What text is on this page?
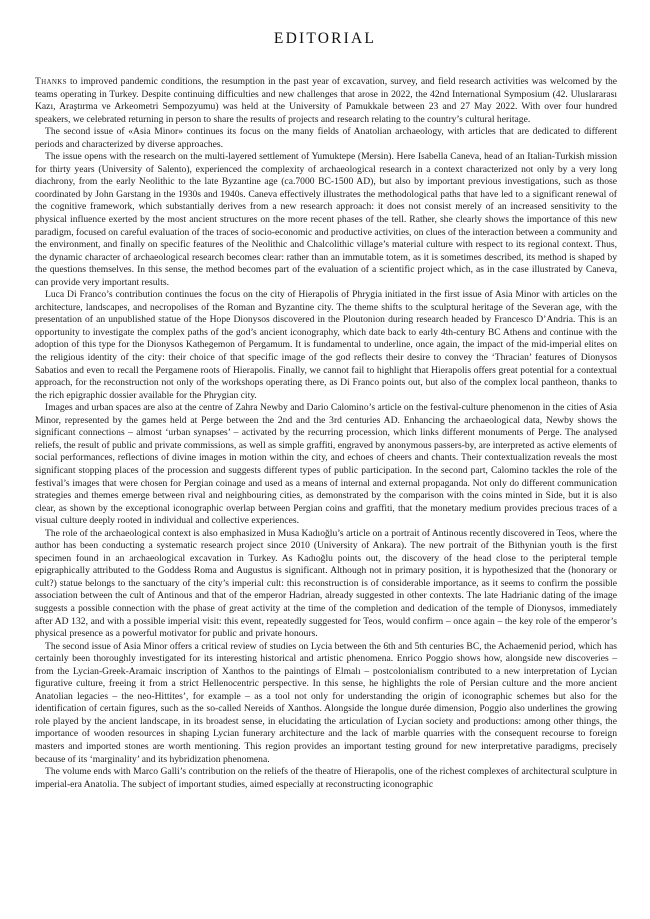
EDITORIAL

Thanks to improved pandemic conditions, the resumption in the past year of excavation, survey, and field research activities was welcomed by the teams operating in Turkey. Despite continuing difficulties and new challenges that arose in 2022, the 42nd International Symposium (42. Uluslararası Kazı, Araştırma ve Arkeometri Sempozyumu) was held at the University of Pamukkale between 23 and 27 May 2022. With over four hundred speakers, we celebrated returning in person to share the results of projects and research relating to the country’s cultural heritage.

The second issue of «Asia Minor» continues its focus on the many fields of Anatolian archaeology, with articles that are dedicated to different periods and characterized by diverse approaches.

The issue opens with the research on the multi-layered settlement of Yumuktepe (Mersin). Here Isabella Caneva, head of an Italian-Turkish mission for thirty years (University of Salento), experienced the complexity of archaeological research in a context characterized not only by a very long diachrony, from the early Neolithic to the late Byzantine age (ca.7000 BC-1500 AD), but also by important previous investigations, such as those coordinated by John Garstang in the 1930s and 1940s. Caneva effectively illustrates the methodological paths that have led to a significant renewal of the cognitive framework, which substantially derives from a new research approach: it does not consist merely of an increased sensitivity to the physical influence exerted by the most ancient structures on the more recent phases of the tell. Rather, she clearly shows the importance of this new paradigm, focused on careful evaluation of the traces of socio-economic and productive activities, on clues of the interaction between a community and the environment, and finally on specific features of the Neolithic and Chalcolithic village’s material culture with respect to its regional context. Thus, the dynamic character of archaeological research becomes clear: rather than an immutable totem, as it is sometimes described, its method is shaped by the questions themselves. In this sense, the method becomes part of the evaluation of a scientific project which, as in the case illustrated by Caneva, can provide very important results.

Luca Di Franco’s contribution continues the focus on the city of Hierapolis of Phrygia initiated in the first issue of Asia Minor with articles on the architecture, landscapes, and necropolises of the Roman and Byzantine city. The theme shifts to the sculptural heritage of the Severan age, with the presentation of an unpublished statue of the Hope Dionysos discovered in the Ploutonion during research headed by Francesco D’Andria. This is an opportunity to investigate the complex paths of the god’s ancient iconography, which date back to early 4th-century BC Athens and continue with the adoption of this type for the Dionysos Kathegemon of Pergamum. It is fundamental to underline, once again, the impact of the mid-imperial elites on the religious identity of the city: their choice of that specific image of the god reflects their desire to convey the ‘Thracian’ features of Dionysos Sabatios and even to recall the Pergamene roots of Hierapolis. Finally, we cannot fail to highlight that Hierapolis offers great potential for a contextual approach, for the reconstruction not only of the workshops operating there, as Di Franco points out, but also of the complex local pantheon, thanks to the rich epigraphic dossier available for the Phrygian city.

Images and urban spaces are also at the centre of Zahra Newby and Dario Calomino’s article on the festival-culture phenomenon in the cities of Asia Minor, represented by the games held at Perge between the 2nd and the 3rd centuries AD. Enhancing the archaeological data, Newby shows the significant connections – almost ‘urban synapses’ – activated by the recurring procession, which links different monuments of Perge. The analysed reliefs, the result of public and private commissions, as well as simple graffiti, engraved by anonymous passers-by, are interpreted as active elements of social performances, reflections of divine images in motion within the city, and echoes of cheers and chants. Their contextualization reveals the most significant stopping places of the procession and suggests different types of public participation. In the second part, Calomino tackles the role of the festival’s images that were chosen for Pergian coinage and used as a means of internal and external propaganda. Not only do different communication strategies and themes emerge between rival and neighbouring cities, as demonstrated by the comparison with the coins minted in Side, but it is also clear, as shown by the exceptional iconographic overlap between Pergian coins and graffiti, that the monetary medium provides precious traces of a visual culture deeply rooted in individual and collective experiences.

The role of the archaeological context is also emphasized in Musa Kadıoğlu’s article on a portrait of Antinous recently discovered in Teos, where the author has been conducting a systematic research project since 2010 (University of Ankara). The new portrait of the Bithynian youth is the first specimen found in an archaeological excavation in Turkey. As Kadıoğlu points out, the discovery of the head close to the peripteral temple epigraphically attributed to the Goddess Roma and Augustus is significant. Although not in primary position, it is hypothesized that the (honorary or cult?) statue belongs to the sanctuary of the city’s imperial cult: this reconstruction is of considerable importance, as it seems to confirm the possible association between the cult of Antinous and that of the emperor Hadrian, already suggested in other contexts. The late Hadrianic dating of the image suggests a possible connection with the phase of great activity at the time of the completion and dedication of the temple of Dionysos, immediately after AD 132, and with a possible imperial visit: this event, repeatedly suggested for Teos, would confirm – once again – the key role of the emperor’s physical presence as a powerful motivator for public and private honours.

The second issue of Asia Minor offers a critical review of studies on Lycia between the 6th and 5th centuries BC, the Achaemenid period, which has certainly been thoroughly investigated for its interesting historical and artistic phenomena. Enrico Poggio shows how, alongside new discoveries – from the Lycian-Greek-Aramaic inscription of Xanthos to the paintings of Elmalı – postcolonialism contributed to a new interpretation of Lycian figurative culture, freeing it from a strict Hellenocentric perspective. In this sense, he highlights the role of Persian culture and the more ancient Anatolian legacies – the neo-Hittites’, for example – as a tool not only for understanding the origin of iconographic schemes but also for the identification of certain figures, such as the so-called Nereids of Xanthos. Alongside the longue durée dimension, Poggio also underlines the growing role played by the ancient landscape, in its broadest sense, in elucidating the articulation of Lycian society and productions: among other things, the importance of wooden resources in shaping Lycian funerary architecture and the lack of marble quarries with the consequent recourse to foreign masters and imported stones are worth mentioning. This region provides an important testing ground for new interpretative paradigms, precisely because of its ‘marginality’ and its hybridization phenomena.

The volume ends with Marco Galli’s contribution on the reliefs of the theatre of Hierapolis, one of the richest complexes of architectural sculpture in imperial-era Anatolia. The subject of important studies, aimed especially at reconstructing iconographic
